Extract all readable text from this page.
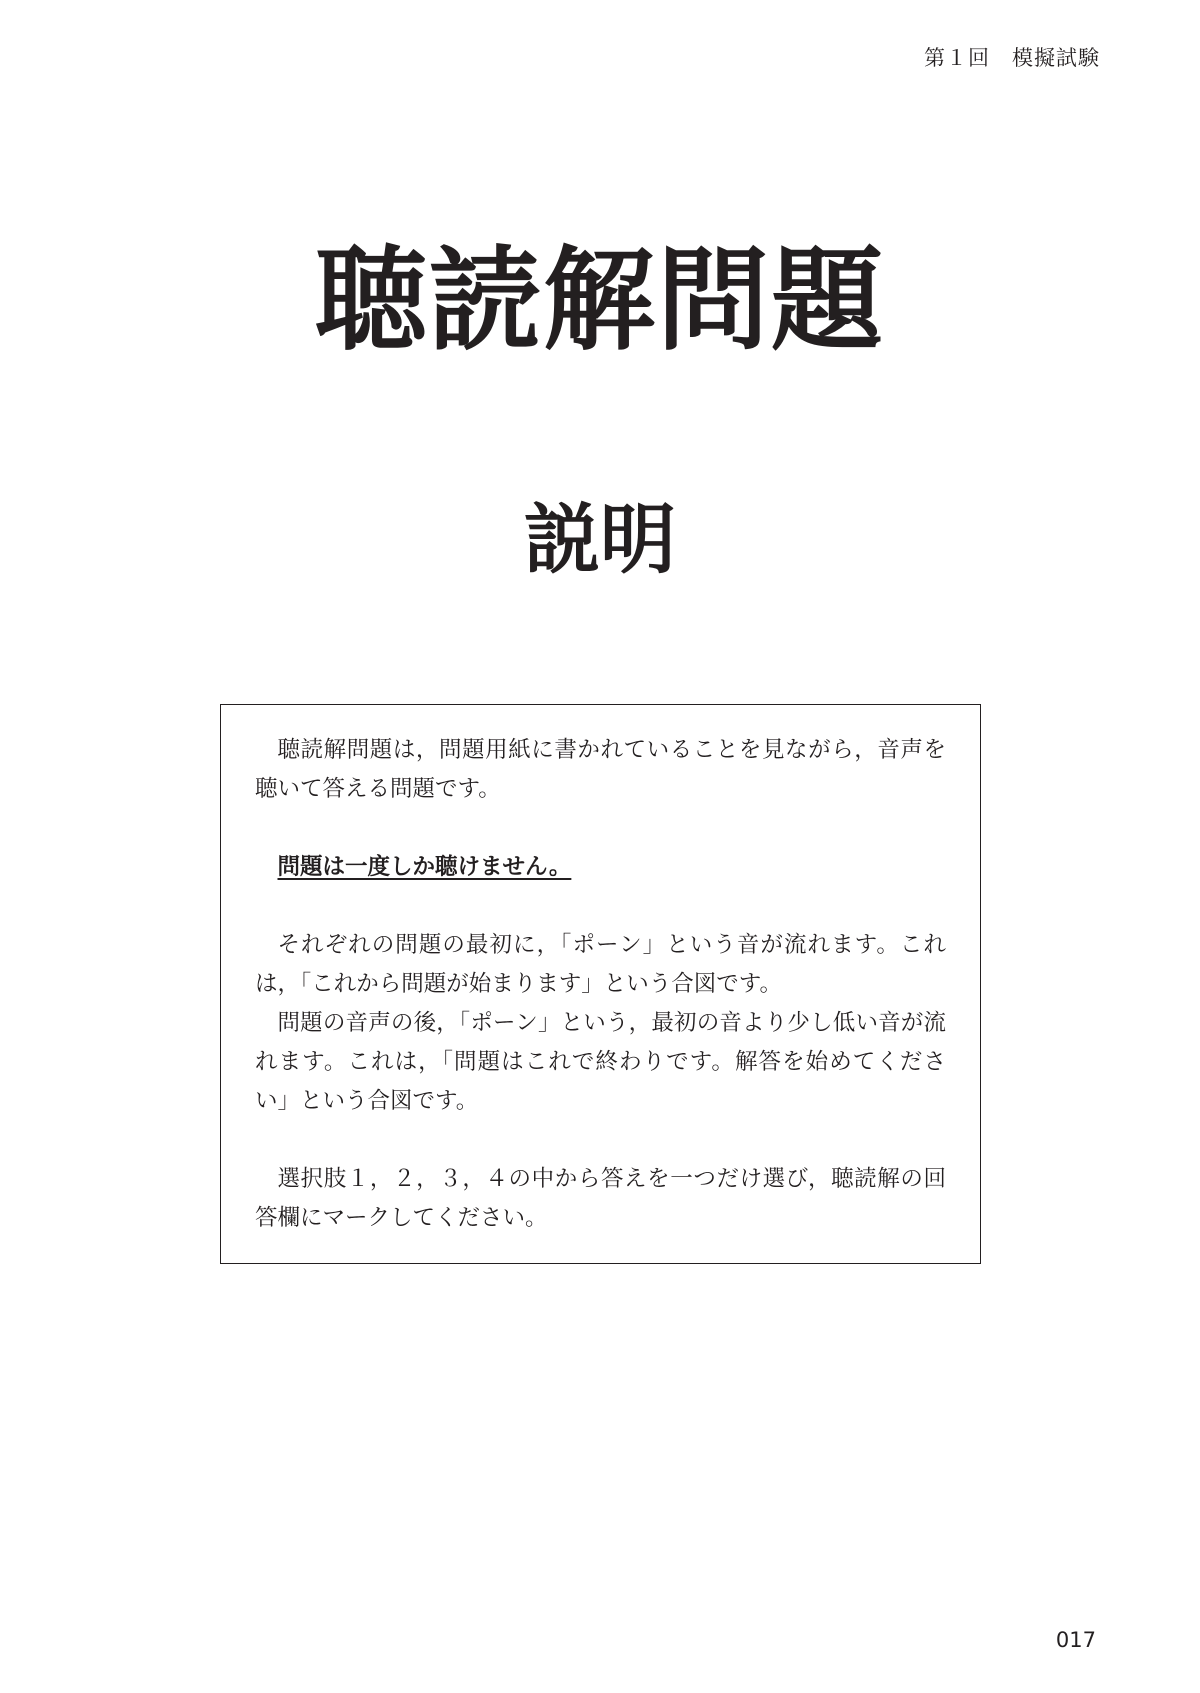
第１回　模擬試験
聴読解問題
説明

聴読解問題は，問題用紙に書かれていることを見ながら，音声を聴いて答える問題です。

問題は一度しか聴けません。

それぞれの問題の最初に，「ポーン」という音が流れます。これは，「これから問題が始まります」という合図です。

問題の音声の後，「ポーン」という，最初の音より少し低い音が流れます。これは，「問題はこれで終わりです。解答を始めてください」という合図です。

選択肢１，２，３，４の中から答えを一つだけ選び，聴読解の回答欄にマークしてください。

017
